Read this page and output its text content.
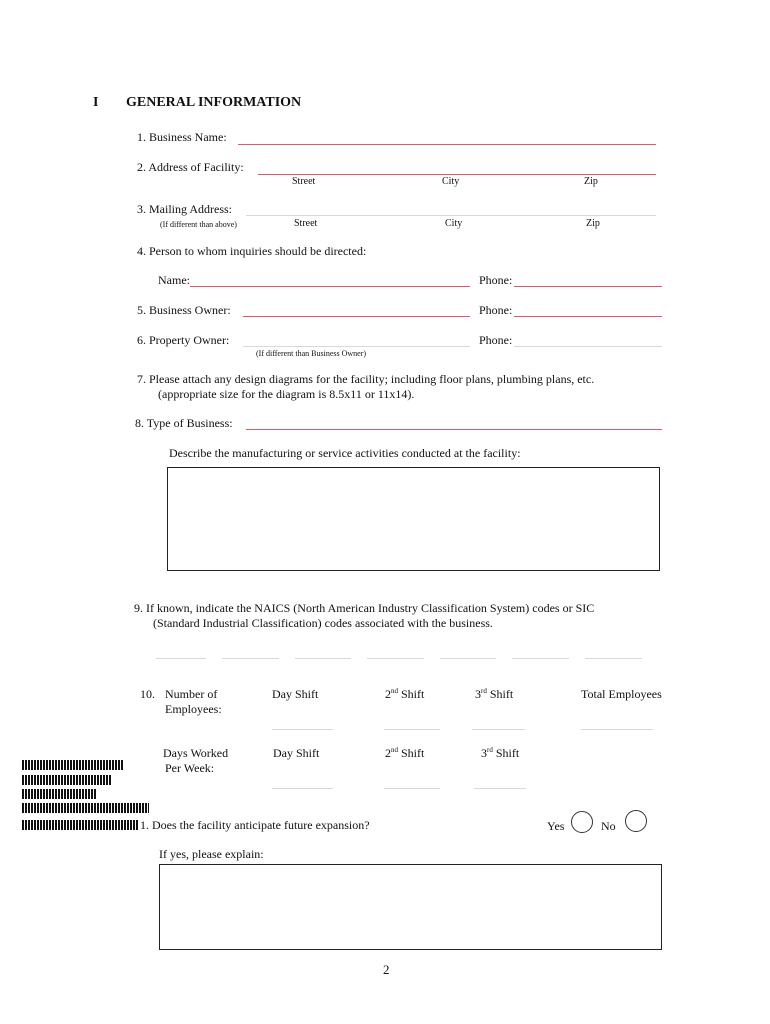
I GENERAL INFORMATION
1. Business Name:
2. Address of Facility:
Street	City	Zip
3. Mailing Address:
(If different than above)	Street	City	Zip
4. Person to whom inquiries should be directed:
Name:	Phone:
5. Business Owner:	Phone:
6. Property Owner:	Phone:
(If different than Business Owner)
7. Please attach any design diagrams for the facility; including floor plans, plumbing plans, etc.
(appropriate size for the diagram is 8.5x11 or 11x14).
8. Type of Business:
Describe the manufacturing or service activities conducted at the facility:
9. If known, indicate the NAICS (North American Industry Classification System) codes or SIC
(Standard Industrial Classification) codes associated with the business.
10. Number of
Employees:
Day Shift	2nd Shift	3rd Shift	Total Employees
Days Worked
Per Week:
Day Shift	2nd Shift	3rd Shift
1. Does the facility anticipate future expansion?	Yes	No
If yes, please explain:
2
